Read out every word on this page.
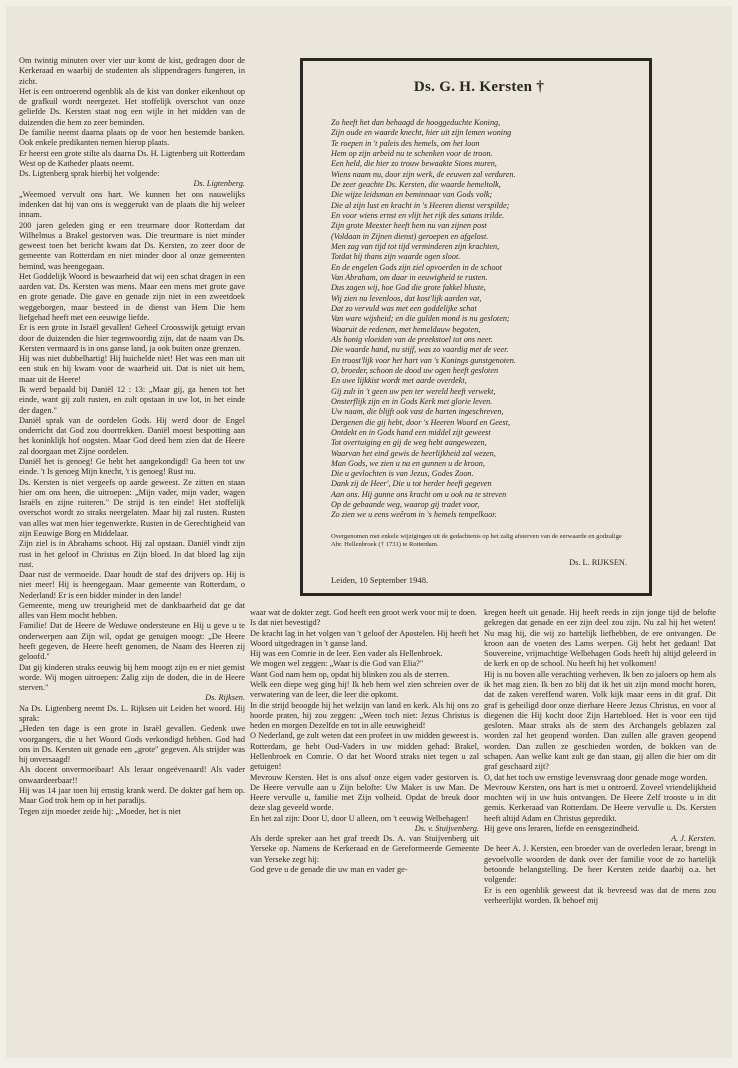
Om twintig minuten over vier uur komt de kist, gedragen door de Kerkeraad en waarbij de studenten als slippendragers fungeren, in zicht.

Het is een ontroerend ogenblik als de kist van donker eikenhout op de grafkuil wordt neergezet. Het stoffelijk overschot van onze geliefde Ds. Kersten staat nog een wijle in het midden van de duizenden die hem zo zeer beminden.

De familie neemt daarna plaats op de voor hen bestemde banken. Ook enkele predikanten nemen hierop plaats.

Er heerst een grote stilte als daarna Ds. H. Ligtenberg uit Rotterdam West op de Katheder plaats neemt.

Ds. Ligtenberg sprak hierbij het volgende:

Ds. Ligtenberg.

„Weemoed vervult ons hart. We kunnen het ons nauwelijks indenken dat hij van ons is weggerukt van de plaats die hij weleer innam.

200 jaren geleden ging er een treurmare door Rotterdam dat Wilhelmus a Brakel gestorven was. Die treurmare is niet minder geweest toen het bericht kwam dat Ds. Kersten, zo zeer door de gemeente van Rotterdam en niet minder door al onze gemeenten bemind, was heengegaan.

Het Goddelijk Woord is bewaarheid dat wij een schat dragen in een aarden vat. Ds. Kersten was mens. Maar een mens met grote gave en grote genade. Die gave en genade zijn niet in een zweetdoek weggeborgen, maar besteed in de dienst van Hem Die hem liefgehad heeft met een eeuwige liefde.

Er is een grote in Israël gevallen! Geheel Croosswijk getuigt ervan door de duizenden die hier tegenwoordig zijn, dat de naam van Ds. Kersten vermaard is in ons ganse land, ja ook buiten onze grenzen.

Hij was niet dubbelhartig! Hij huichelde niet! Het was een man uit een stuk en hij kwam voor de waarheid uit. Dat is niet uit hem, maar uit de Heere!

Ik werd bepaald bij Daniël 12 : 13: „Maar gij, ga henen tot het einde, want gij zult rusten, en zult opstaan in uw lot, in het einde der dagen."

Daniël sprak van de oordelen Gods. Hij werd door de Engel onderricht dat God zou doortrekken. Daniël moest bespotting aan het koninklijk hof oogsten. Maar God deed hem zien dat de Heere zal doorgaan met Zijne oordelen.

Daniël het is genoeg! Ge hebt het aangekondigd! Ga heen tot uw einde. 't Is genoeg Mijn knecht, 't is genoeg! Rust nu.

Ds. Kersten is niet vergeefs op aarde geweest. Ze zitten en staan hier om ons heen, die uitroepen: „Mijn vader, mijn vader, wagen Israëls en zijne ruiteren." De strijd is ten einde! Het stoffelijk overschot wordt zo straks neergelaten. Maar hij zal rusten. Rusten van alles wat men hier tegenwerkte. Rusten in de Gerechtigheid van zijn Eeuwige Borg en Middelaar.

Zijn ziel is in Abrahams schoot. Hij zal opstaan. Daniël vindt zijn rust in het geloof in Christus en Zijn bloed. In dat bloed lag zijn rust.

Daar rust de vermoeide. Daar houdt de staf des drijvers op. Hij is niet meer! Hij is heengegaan. Maar gemeente van Rotterdam, o Nederland! Er is een bidder minder in den lande!

Gemeente, meng uw treurigheid met de dankbaarheid dat ge dat alles van Hem mocht hebben.

Familie! Dat de Heere de Weduwe ondersteune en Hij u geve u te onderwerpen aan Zijn wil, opdat ge getuigen moogt: „De Heere heeft gegeven, de Heere heeft genomen, de Naam des Heeren zij geloofd."

Dat gij kinderen straks eeuwig bij hem moogt zijn en er niet gemist worde. Wij mogen uitroepen: Zalig zijn de doden, die in de Heere sterven."

Ds. Rijksen.

Na Ds. Ligtenberg neemt Ds. L. Rijksen uit Leiden het woord. Hij sprak:

„Heden ten dage is een grote in Israël gevallen. Gedenk uwe voorgangers, die u het Woord Gods verkondigd hebben. God had ons in Ds. Kersten uit genade een „grote" gegeven. Als strijder was hij onversaagd!

Als docent onvermoeibaar! Als leraar ongeëvenaard! Als vader onwaardeerbaar!!

Hij was 14 jaar toen hij ernstig krank werd. De dokter gaf hem op. Maar God trok hem op in het paradijs.

Tegen zijn moeder zeide hij: „Moeder, het is niet

Ds. G. H. Kersten †

Zo heeft het dan behaagd de hooggeduchte Koning,

Zijn oude en waarde knecht, hier uit zijn lemen woning

Te roepen in 't paleis des hemels, om het loon

Hem op zijn arbeid nu te schenken voor de troon.

Een held, die hier zo trouw bewaakte Sions muren,

Wiens naam nu, door zijn werk, de eeuwen zal verduren.

De zeer geachte Ds. Kersten, die waarde hemeltolk,

Die wijze leidsman en beminnaar van Gods volk;

Die al zijn lust en kracht in 's Heeren dienst verspilde;

En voor wiens ernst en vlijt het rijk des satans trilde.

Zijn grote Meester heeft hem nu van zijnen post

(Voldaan in Zijnen dienst) geroepen en afgelost.

Men zag van tijd tot tijd verminderen zijn krachten,

Totdat hij thans zijn waarde ogen sloot.

En de engelen Gods zijn ziel opvoerden in de schoot

Van Abraham, om daar in eeuwigheid te rusten.

Dus zagen wij, hoe God die grote fakkel bluste,

Wij zien nu levenloos, dat kost'lijk aarden vat,

Dat zo vervuld was met een goddelijke schat

Van ware wijsheid; en die gulden mond is nu gesloten;

Waaruit de redenen, met hemeldauw begoten,

Als honig vloeiden van de preekstoel tot ons neer.

Die waarde hand, nu stijf, was zo vaardig met de veer.

En troost'lijk voor het hart van 's Konings gunstgenoten.

O, broeder, schoon de dood uw ogen heeft gesloten

En uwe lijkkist wordt met aarde overdekt,

Gij zult in 't geen uw pen ter wereld heeft verwekt,

Onsterflijk zijn en in Gods Kerk met glorie leven.

Uw naam, die blijft ook vast de harten ingeschreven,

Dergenen die gij hebt, door 's Heeren Woord en Geest,

Ontdekt en in Gods hand een middel zijt geweest

Tot overtuiging en gij de weg hebt aangewezen,

Waarvan het eind gewis de heerlijkheid zal wezen,

Man Gods, we zien u na en gunnen u de kroon,

Die u gevlochten is van Jezus, Godes Zoon.

Dank zij de Heer', Die u tot herder heeft gegeven

Aan ons. Hij gunne ons kracht om u ook na te streven

Op de gebaande weg, waarop gij tradet voor,

Zo zien we u eens weêrom in 's hemels tempelkoor.

Overgenomen met enkele wijzigingen uit de gedachtenis op het zalig afsterven van de eerwaarde en godzalige Abr. Hellenbroek († 1731) te Rotterdam.
Ds. L. RIJKSEN.
Leiden, 10 September 1948.

waar wat de dokter zegt. God heeft een groot werk voor mij te doen.

Is dat niet bevestigd?

De kracht lag in het volgen van 't geloof der Apostelen. Hij heeft het Woord uitgedragen in 't ganse land.

Hij was een Comrie in de leer. Een vader als Hellenbroek.

We mogen wel zeggen: „Waar is die God van Elia?"

Want God nam hem op, opdat hij blinken zou als de sterren.

Welk een diepe weg ging hij! Ik heb hem wel zien schreien over de verwatering van de leer, die leer die opkomt.

In die strijd beoogde hij het welzijn van land en kerk. Als hij ons zo hoorde praten, hij zou zeggen: „Ween toch niet: Jezus Christus is heden en morgen Dezelfde en tot in alle eeuwigheid!

O Nederland, ge zult weten dat een profeet in uw midden geweest is.

Rotterdam, ge hebt Oud-Vaders in uw midden gehad: Brakel, Hellenbroek en Comrie. O dat het Woord straks niet tegen u zal getuigen!

Mevrouw Kersten. Het is ons alsof onze eigen vader gestorven is. De Heere vervulle aan u Zijn belofte: Uw Maker is uw Man. De Heere vervulle u, familie met Zijn volheid. Opdat de breuk door deze slag geveeld worde.

En het zal zijn: Door U, door U alleen, om 't eeuwig Welbehagen!

Ds. v. Stuijvenberg.

Als derde spreker aan het graf treedt Ds. A. van Stuijvenberg uit Yerseke op. Namens de Kerkeraad en de Gereformeerde Gemeente van Yerseke zegt hij:

God geve u de genade die uw man en vader ge-

kregen heeft uit genade. Hij heeft reeds in zijn jonge tijd de belofte gekregen dat genade en eer zijn deel zou zijn. Nu zal hij het weten! Nu mag hij, die wij zo hartelijk liefhebben, de ere ontvangen. De kroon aan de voeten des Lams werpen. Gij hebt het gedaan! Dat Souvereine, vrijmachtige Welbehagen Gods heeft hij altijd geleerd in de kerk en op de school. Nu heeft hij het volkomen!

Hij is nu boven alle verachting verheven. Ik ben zo jaloers op hem als ik het mag zien. Ik ben zo blij dat ik het uit zijn mond mocht horen, dat de zaken vereffend waren. Volk kijk maar eens in dit graf. Dit graf is geheiligd door onze dierbare Heere Jezus Christus, en voor al diegenen die Hij kocht door Zijn Hartebloed. Het is voor een tijd gesloten. Maar straks als de stem des Archangels geblazen zal worden zal het geopend worden. Dan zullen alle graven geopend worden. Dan zullen ze geschieden worden, de bokken van de schapen. Aan welke kant zult ge dan staan, gij allen die hier om dit graf geschaard zijt?

O, dat het toch uw ernstige levensvraag door genade moge worden.

Mevrouw Kersten, ons hart is met u ontroerd. Zoveel vriendelijkheid mochten wij in uw huis ontvangen. De Heere Zelf trooste u in dit gemis. Kerkeraad van Rotterdam. De Heere vervulle u. Ds. Kersten heeft altijd Adam en Christus gepredikt.

Hij geve ons leraren, liefde en eensgezindheid.

A. J. Kersten.

De heer A. J. Kersten, een broeder van de overleden leraar, brengt in gevoelvolle woorden de dank over der familie voor de zo hartelijk betoonde belangstelling. De heer Kersten zeide daarbij o.a. het volgende:

Er is een ogenblik geweest dat ik bevreesd was dat de mens zou verheerlijkt worden. Ik behoef mij
